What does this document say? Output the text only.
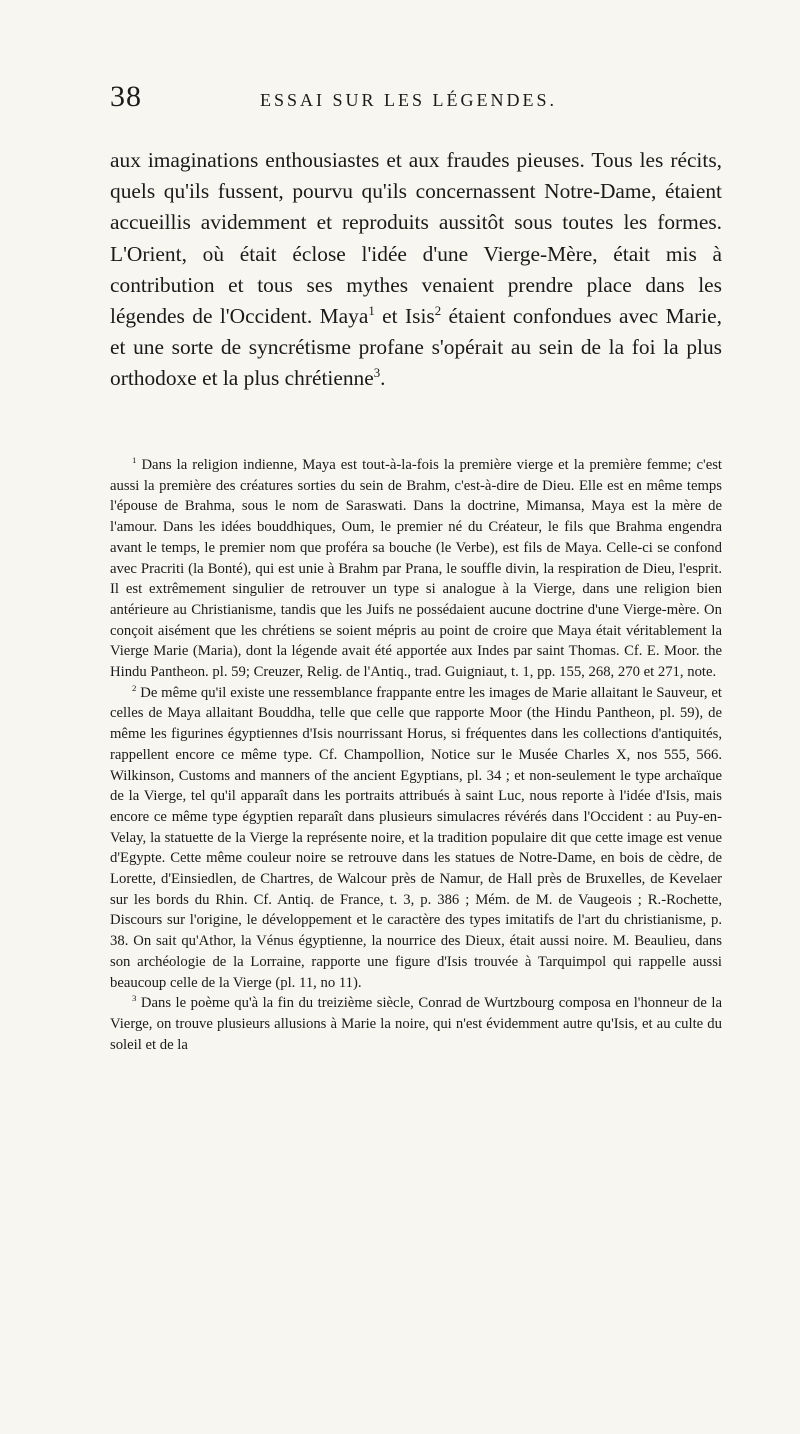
38	ESSAI SUR LES LÉGENDES.

aux imaginations enthousiastes et aux fraudes pieuses. Tous les récits, quels qu'ils fussent, pourvu qu'ils concernassent Notre-Dame, étaient accueillis avidemment et reproduits aussitôt sous toutes les formes. L'Orient, où était éclose l'idée d'une Vierge-Mère, était mis à contribution et tous ses mythes venaient prendre place dans les légendes de l'Occident. Maya$^1$ et Isis$^2$ étaient confondues avec Marie, et une sorte de syncrétisme profane s'opérait au sein de la foi la plus orthodoxe et la plus chrétienne$^3$.

$^1$ Dans la religion indienne, Maya est tout-à-la-fois la première vierge et la première femme; c'est aussi la première des créatures sorties du sein de Brahm, c'est-à-dire de Dieu. Elle est en même temps l'épouse de Brahma, sous le nom de Saraswati. Dans la doctrine, Mimansa, Maya est la mère de l'amour. Dans les idées bouddhiques, Oum, le premier né du Créateur, le fils que Brahma engendra avant le temps, le premier nom que proféra sa bouche (le Verbe), est fils de Maya. Celle-ci se confond avec Pracriti (la Bonté), qui est unie à Brahm par Prana, le souffle divin, la respiration de Dieu, l'esprit. Il est extrêmement singulier de retrouver un type si analogue à la Vierge, dans une religion bien antérieure au Christianisme, tandis que les Juifs ne possédaient aucune doctrine d'une Vierge-mère. On conçoit aisément que les chrétiens se soient mépris au point de croire que Maya était véritablement la Vierge Marie (Maria), dont la légende avait été apportée aux Indes par saint Thomas. Cf. E. Moor. the Hindu Pantheon. pl. 59; Creuzer, Relig. de l'Antiq., trad. Guigniaut, t. 1, pp. 155, 268, 270 et 271, note.

$^2$ De même qu'il existe une ressemblance frappante entre les images de Marie allaitant le Sauveur, et celles de Maya allaitant Bouddha, telle que celle que rapporte Moor (the Hindu Pantheon, pl. 59), de même les figurines égyptiennes d'Isis nourrissant Horus, si fréquentes dans les collections d'antiquités, rappellent encore ce même type. Cf. Champollion, Notice sur le Musée Charles X, nos 555, 566. Wilkinson, Customs and manners of the ancient Egyptians, pl. 34 ; et non-seulement le type archaïque de la Vierge, tel qu'il apparaît dans les portraits attribués à saint Luc, nous reporte à l'idée d'Isis, mais encore ce même type égyptien reparaît dans plusieurs simulacres révérés dans l'Occident : au Puy-en-Velay, la statuette de la Vierge la représente noire, et la tradition populaire dit que cette image est venue d'Egypte. Cette même couleur noire se retrouve dans les statues de Notre-Dame, en bois de cèdre, de Lorette, d'Einsiedlen, de Chartres, de Walcour près de Namur, de Hall près de Bruxelles, de Kevelaer sur les bords du Rhin. Cf. Antiq. de France, t. 3, p. 386 ; Mém. de M. de Vaugeois ; R.-Rochette, Discours sur l'origine, le développement et le caractère des types imitatifs de l'art du christianisme, p. 38. On sait qu'Athor, la Vénus égyptienne, la nourrice des Dieux, était aussi noire. M. Beaulieu, dans son archéologie de la Lorraine, rapporte une figure d'Isis trouvée à Tarquimpol qui rappelle aussi beaucoup celle de la Vierge (pl. 11, no 11).

$^3$ Dans le poème qu'à la fin du treizième siècle, Conrad de Wurtzbourg composa en l'honneur de la Vierge, on trouve plusieurs allusions à Marie la noire, qui n'est évidemment autre qu'Isis, et au culte du soleil et de la
